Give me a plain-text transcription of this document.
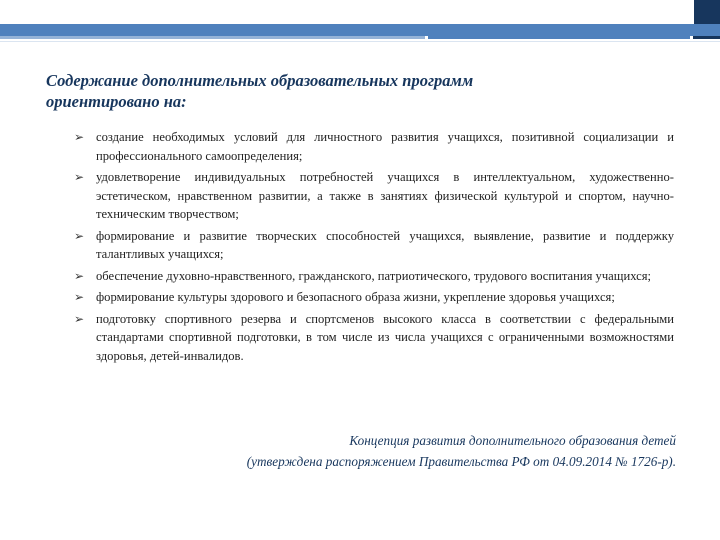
Содержание дополнительных образовательных программ
ориентировано на:
➢ создание необходимых условий для личностного развития учащихся, позитивной социализации и профессионального самоопределения;
➢ удовлетворение индивидуальных потребностей учащихся в интеллектуальном, художественно-эстетическом, нравственном развитии, а также в занятиях физической культурой и спортом, научно-техническим творчеством;
➢ формирование и развитие творческих способностей учащихся, выявление, развитие и поддержку талантливых учащихся;
➢ обеспечение духовно-нравственного, гражданского, патриотического, трудового воспитания учащихся;
➢ формирование культуры здорового и безопасного образа жизни, укрепление здоровья учащихся;
➢ подготовку спортивного резерва и спортсменов высокого класса в соответствии с федеральными стандартами спортивной подготовки, в том числе из числа учащихся с ограниченными возможностями здоровья, детей-инвалидов.
Концепция развития дополнительного образования детей
(утверждена распоряжением Правительства РФ от 04.09.2014 № 1726-р).
